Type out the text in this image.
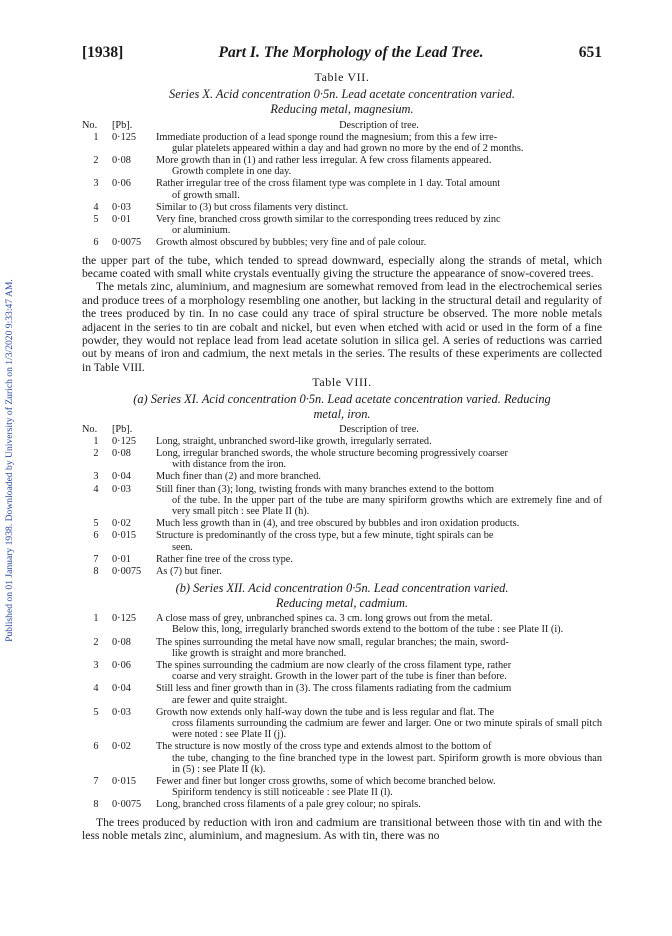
Published on 01 January 1938. Downloaded by University of Zurich on 1/3/2020 9:33:47 AM.
[1938]	Part I. The Morphology of the Lead Tree.	651
Table VII.
Series X. Acid concentration 0·5n. Lead acetate concentration varied.
Reducing metal, magnesium.
No.	[Pb].	Description of tree.
1	0·125	Immediate production of a lead sponge round the magnesium; from this a few irre-
gular platelets appeared within a day and had grown no more by the end of 2 months.
2	0·08	More growth than in (1) and rather less irregular. A few cross filaments appeared.
Growth complete in one day.
3	0·06	Rather irregular tree of the cross filament type was complete in 1 day. Total amount
of growth small.
4	0·03	Similar to (3) but cross filaments very distinct.
5	0·01	Very fine, branched cross growth similar to the corresponding trees reduced by zinc
or aluminium.
6	0·0075	Growth almost obscured by bubbles; very fine and of pale colour.

the upper part of the tube, which tended to spread downward, especially along the strands of metal, which became coated with small white crystals eventually giving the structure the appearance of snow-covered trees.

The metals zinc, aluminium, and magnesium are somewhat removed from lead in the electrochemical series and produce trees of a morphology resembling one another, but lacking in the structural detail and regularity of the trees produced by tin. In no case could any trace of spiral structure be observed. The more noble metals adjacent in the series to tin are cobalt and nickel, but even when etched with acid or used in the form of a fine powder, they would not replace lead from lead acetate solution in silica gel. A series of reductions was carried out by means of iron and cadmium, the next metals in the series. The results of these experiments are collected in Table VIII.

Table VIII.
(a) Series XI. Acid concentration 0·5n. Lead acetate concentration varied. Reducing
metal, iron.
No.	[Pb].	Description of tree.
1	0·125	Long, straight, unbranched sword-like growth, irregularly serrated.
2	0·08	Long, irregular branched swords, the whole structure becoming progressively coarser
with distance from the iron.
3	0·04	Much finer than (2) and more branched.
4	0·03	Still finer than (3); long, twisting fronds with many branches extend to the bottom
of the tube. In the upper part of the tube are many spiriform growths which are extremely fine and of very small pitch : see Plate II (h).
5	0·02	Much less growth than in (4), and tree obscured by bubbles and iron oxidation products.
6	0·015	Structure is predominantly of the cross type, but a few minute, tight spirals can be
seen.
7	0·01	Rather fine tree of the cross type.
8	0·0075	As (7) but finer.
(b) Series XII. Acid concentration 0·5n. Lead concentration varied.
Reducing metal, cadmium.
1	0·125	A close mass of grey, unbranched spines ca. 3 cm. long grows out from the metal.
Below this, long, irregularly branched swords extend to the bottom of the tube : see Plate II (i).
2	0·08	The spines surrounding the metal have now small, regular branches; the main, sword-
like growth is straight and more branched.
3	0·06	The spines surrounding the cadmium are now clearly of the cross filament type, rather
coarse and very straight. Growth in the lower part of the tube is finer than before.
4	0·04	Still less and finer growth than in (3). The cross filaments radiating from the cadmium
are fewer and quite straight.
5	0·03	Growth now extends only half-way down the tube and is less regular and flat. The
cross filaments surrounding the cadmium are fewer and larger. One or two minute spirals of small pitch were noted : see Plate II (j).
6	0·02	The structure is now mostly of the cross type and extends almost to the bottom of
the tube, changing to the fine branched type in the lowest part. Spiriform growth is more obvious than in (5) : see Plate II (k).
7	0·015	Fewer and finer but longer cross growths, some of which become branched below.
Spiriform tendency is still noticeable : see Plate II (l).
8	0·0075	Long, branched cross filaments of a pale grey colour; no spirals.

The trees produced by reduction with iron and cadmium are transitional between those with tin and with the less noble metals zinc, aluminium, and magnesium. As with tin, there was no
